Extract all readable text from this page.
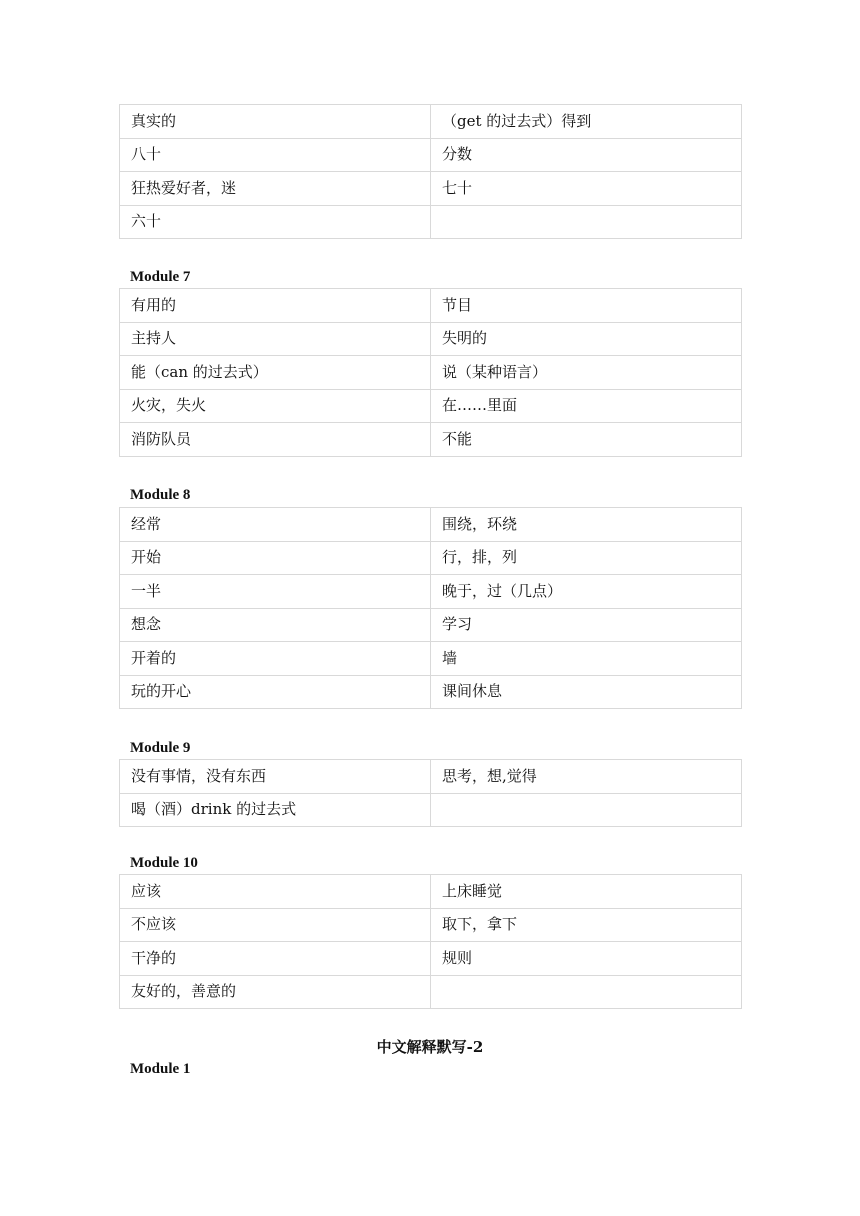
真实的	（get 的过去式）得到
八十	分数
狂热爱好者，迷	七十
六十	

Module 7

有用的	节目
主持人	失明的
能（can 的过去式）	说（某种语言）
火灾，失火	在……里面
消防队员	不能

Module 8

经常	围绕，环绕
开始	行，排，列
一半	晚于，过（几点）
想念	学习
开着的	墙
玩的开心	课间休息

Module 9

没有事情，没有东西	思考，想,觉得
喝（酒）drink 的过去式	

Module 10

应该	上床睡觉
不应该	取下，拿下
干净的	规则
友好的，善意的	

中文解释默写-2

Module 1
